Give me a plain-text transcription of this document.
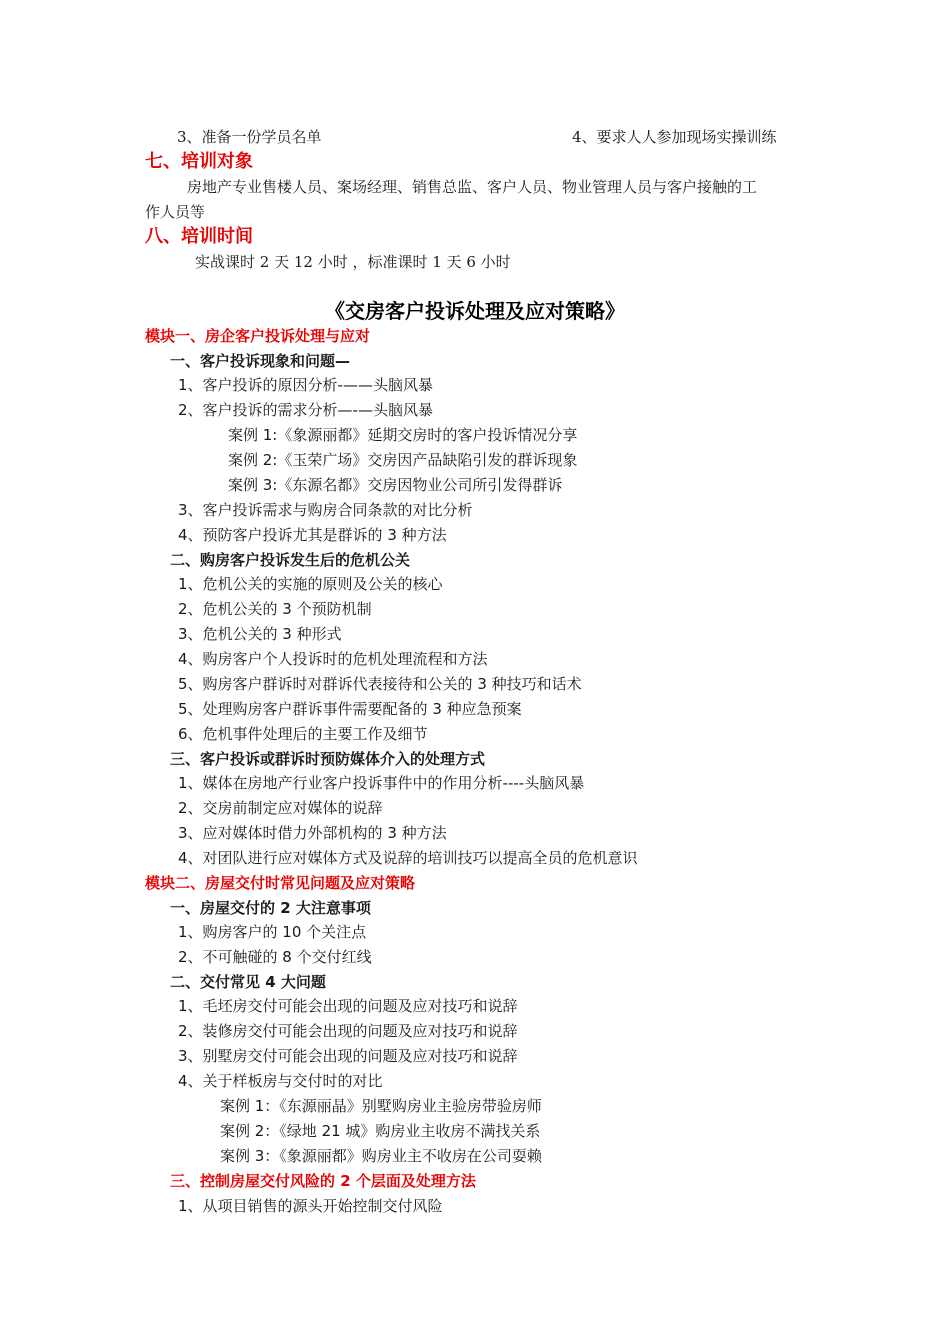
3、准备一份学员名单	4、要求人人参加现场实操训练
七、培训对象
房地产专业售楼人员、案场经理、销售总监、客户人员、物业管理人员与客户接触的工
作人员等
八、培训时间
实战课时 2 天 12 小时 ，标准课时 1 天 6 小时
《交房客户投诉处理及应对策略》
模块一、房企客户投诉处理与应对
一、客户投诉现象和问题—
1、客户投诉的原因分析-——头脑风暴
2、客户投诉的需求分析—-—头脑风暴
案例 1:《象源丽都》延期交房时的客户投诉情况分享
案例 2:《玉荣广场》交房因产品缺陷引发的群诉现象
案例 3:《东源名都》交房因物业公司所引发得群诉
3、客户投诉需求与购房合同条款的对比分析
4、预防客户投诉尤其是群诉的 3 种方法
二、购房客户投诉发生后的危机公关
1、危机公关的实施的原则及公关的核心
2、危机公关的 3 个预防机制
3、危机公关的 3 种形式
4、购房客户个人投诉时的危机处理流程和方法
5、购房客户群诉时对群诉代表接待和公关的 3 种技巧和话术
5、处理购房客户群诉事件需要配备的 3 种应急预案
6、危机事件处理后的主要工作及细节
三、客户投诉或群诉时预防媒体介入的处理方式
1、媒体在房地产行业客户投诉事件中的作用分析----头脑风暴
2、交房前制定应对媒体的说辞
3、应对媒体时借力外部机构的 3 种方法
4、对团队进行应对媒体方式及说辞的培训技巧以提高全员的危机意识
模块二、房屋交付时常见问题及应对策略
一、房屋交付的 2 大注意事项
1、购房客户的 10 个关注点
2、不可触碰的 8 个交付红线
二、交付常见 4 大问题
1、毛坯房交付可能会出现的问题及应对技巧和说辞
2、装修房交付可能会出现的问题及应对技巧和说辞
3、别墅房交付可能会出现的问题及应对技巧和说辞
4、关于样板房与交付时的对比
案例 1：《东源丽晶》别墅购房业主验房带验房师
案例 2：《绿地 21 城》购房业主收房不满找关系
案例 3：《象源丽都》购房业主不收房在公司耍赖
三、控制房屋交付风险的 2 个层面及处理方法
1、从项目销售的源头开始控制交付风险
